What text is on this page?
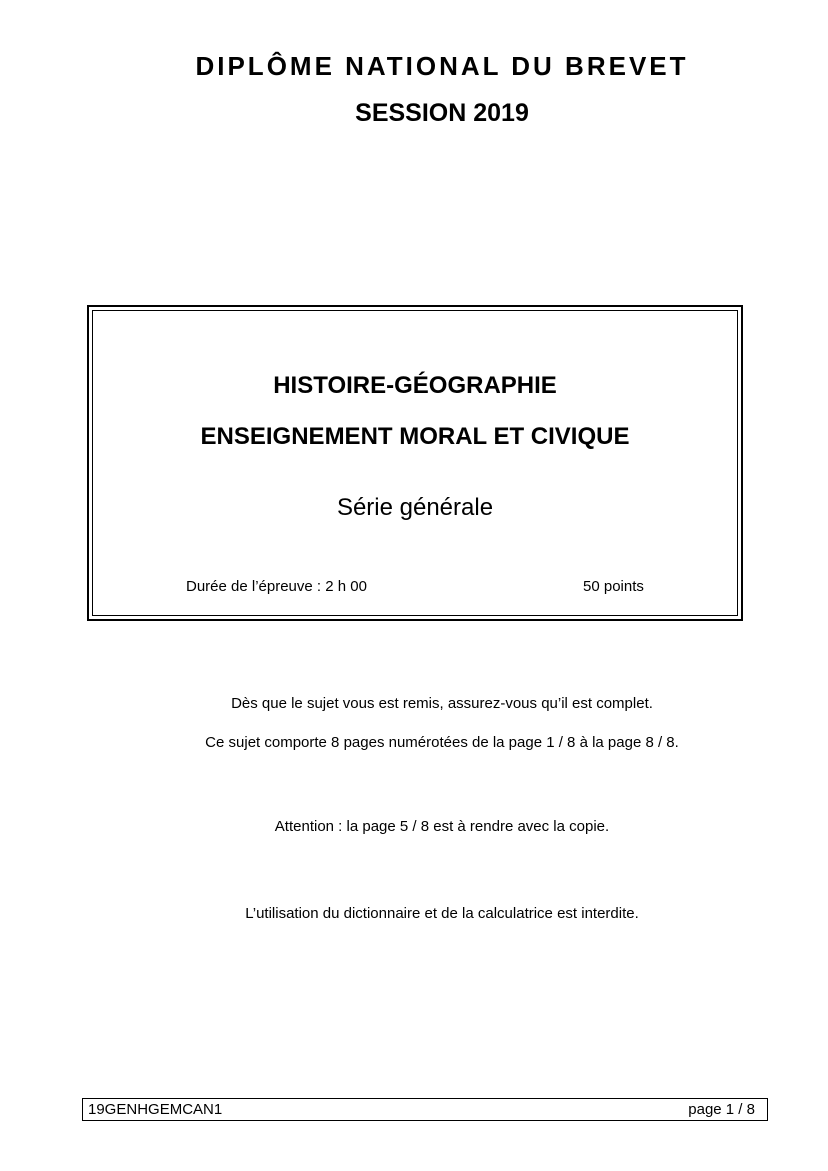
DIPLÔME NATIONAL DU BREVET
SESSION 2019
HISTOIRE-GÉOGRAPHIE
ENSEIGNEMENT MORAL ET CIVIQUE
Série générale
Durée de l’épreuve : 2 h 00	50 points
Dès que le sujet vous est remis, assurez-vous qu’il est complet.
Ce sujet comporte 8 pages numérotées de la page 1 / 8 à la page 8 / 8.
Attention : la page 5 / 8 est à rendre avec la copie.
L’utilisation du dictionnaire et de la calculatrice est interdite.
19GENHGEMCAN1	page 1 / 8
